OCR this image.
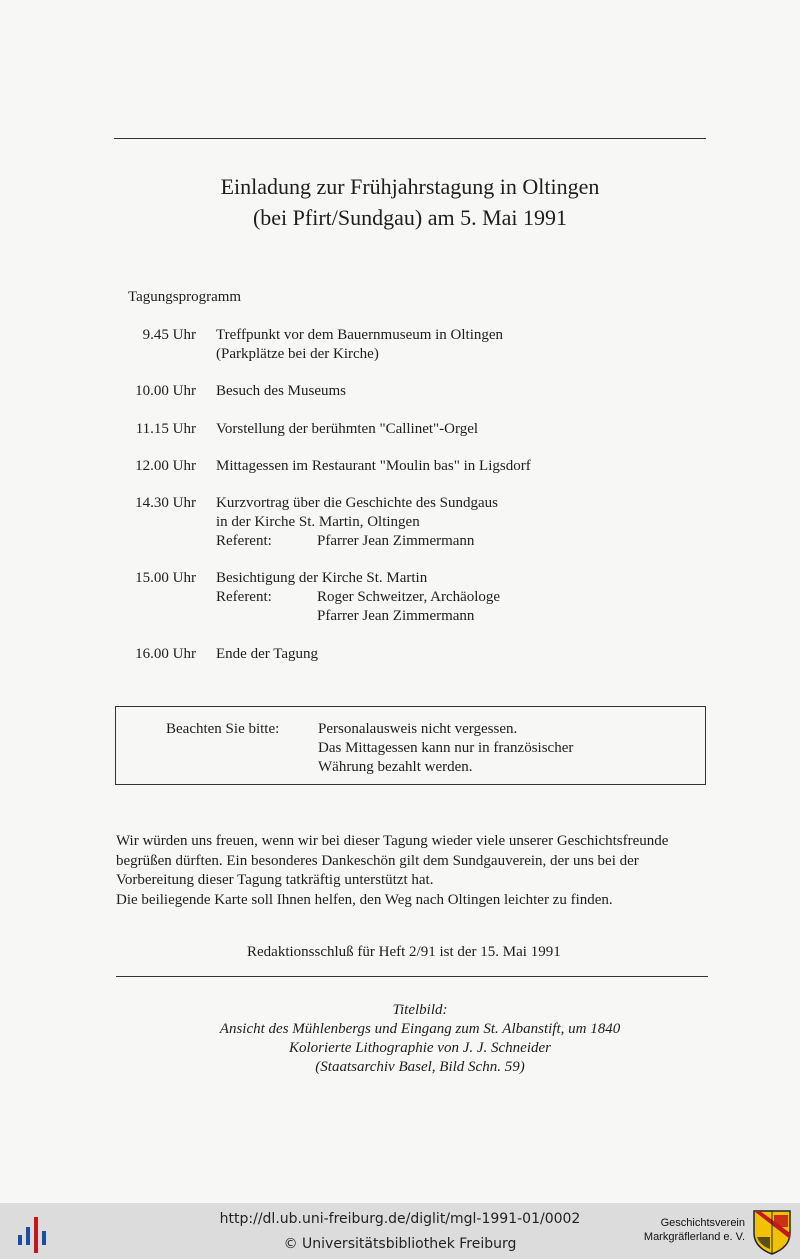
Einladung zur Frühjahrstagung in Oltingen
(bei Pfirt/Sundgau) am 5. Mai 1991
Tagungsprogramm
9.45 Uhr Treffpunkt vor dem Bauernmuseum in Oltingen
(Parkplätze bei der Kirche)
10.00 Uhr Besuch des Museums
11.15 Uhr Vorstellung der berühmten "Callinet"-Orgel
12.00 Uhr Mittagessen im Restaurant "Moulin bas" in Ligsdorf
14.30 Uhr Kurzvortrag über die Geschichte des Sundgaus
in der Kirche St. Martin, Oltingen
Referent:	Pfarrer Jean Zimmermann
15.00 Uhr Besichtigung der Kirche St. Martin
Referent:	Roger Schweitzer, Archäologe
Pfarrer Jean Zimmermann
16.00 Uhr Ende der Tagung
Beachten Sie bitte:	Personalausweis nicht vergessen.
Das Mittagessen kann nur in französischer
Währung bezahlt werden.
Wir würden uns freuen, wenn wir bei dieser Tagung wieder viele unserer Geschichtsfreunde
begrüßen dürften. Ein besonderes Dankeschön gilt dem Sundgauverein, der uns bei der
Vorbereitung dieser Tagung tatkräftig unterstützt hat.
Die beiliegende Karte soll Ihnen helfen, den Weg nach Oltingen leichter zu finden.
Redaktionsschluß für Heft 2/91 ist der 15. Mai 1991
Titelbild:
Ansicht des Mühlenbergs und Eingang zum St. Albanstift, um 1840
Kolorierte Lithographie von J. J. Schneider
(Staatsarchiv Basel, Bild Schn. 59)
http://dl.ub.uni-freiburg.de/diglit/mgl-1991-01/0002
© Universitätsbibliothek Freiburg
Geschichtsverein
Markgräflerland e. V.
